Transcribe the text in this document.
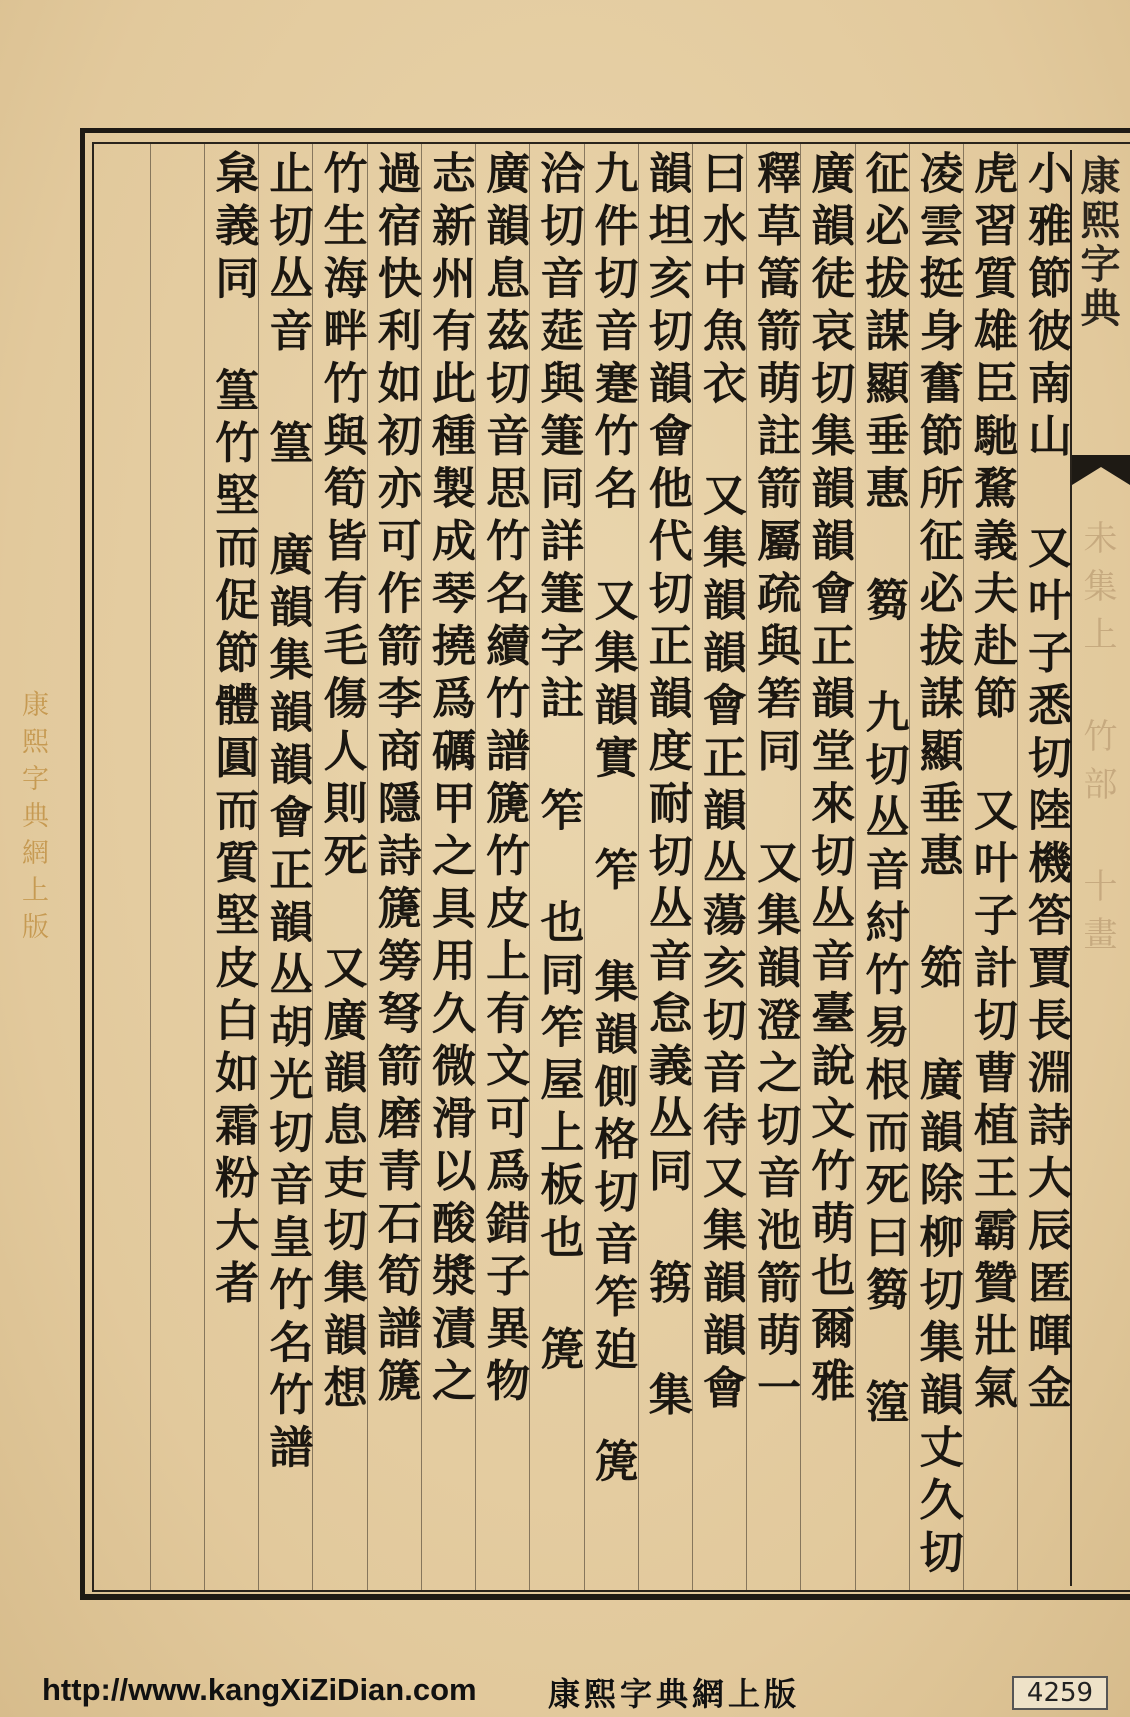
康熙字典網上版
康熙字典
未集上 竹部 十畫
小雅節彼南山 又叶子悉切陸機答賈長淵詩大辰匿暉金
虎習質雄臣馳騖義夫赴節 又叶子計切曹植王霸贊壯氣
凌雲挺身奮節所征必拔謀顯垂惠 筎 廣韻除柳切集韻丈久切
征必拔謀顯垂惠 篘 九切丛音紂竹易根而死曰篘 篞
廣韻徒哀切集韻韻會正韻堂來切丛音臺說文竹萌也爾雅
釋草篙箭萌註箭屬疏與箬同 又集韻澄之切音池箭萌一
曰水中魚衣 又集韻韻會正韻丛蕩亥切音待又集韻韻會
韻坦亥切韻會他代切正韻度耐切丛音怠義丛同 箉 集
九件切音蹇竹名 又集韻實 笮 集韻側格切音笮廹 箎
洽切音莚與箑同詳箑字註 笮 也同笮屋上板也 箎
廣韻息茲切音思竹名續竹譜篪竹皮上有文可爲錯子異物
志新州有此種製成琴撓爲礪甲之具用久微滑以酸漿漬之
過宿快利如初亦可作箭李商隱詩篪篣弩箭磨青石筍譜篪
竹生海畔竹與筍皆有毛傷人則死 又廣韻息吏切集韻想
止切丛音 篁 廣韻集韻韻會正韻丛胡光切音皇竹名竹譜
枲義同 篁竹堅而促節體圓而質堅皮白如霜粉大者
http://www.kangXiZiDian.com 康熙字典網上版	4259
